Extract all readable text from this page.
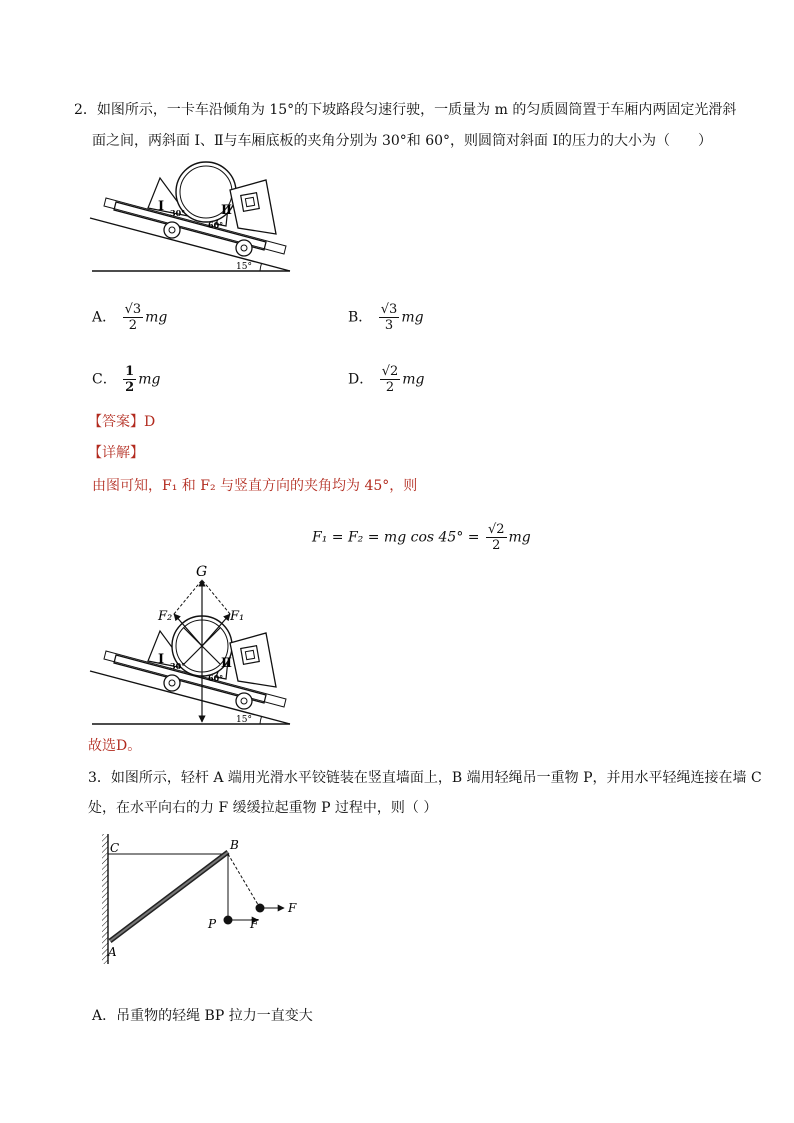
2．如图所示，一卡车沿倾角为 15°的下坡路段匀速行驶，一质量为 m 的匀质圆筒置于车厢内两固定光滑斜
面之间，两斜面 Ⅰ、Ⅱ与车厢底板的夹角分别为 30°和 60°，则圆筒对斜面 Ⅰ的压力的大小为（　　）
15°
Ⅰ 30°	Ⅱ
60°
A． $\frac{√3}{2}$ mg	B． $\frac{√3}{3}$ mg
C． $\frac{1}{2}$ mg	D． $\frac{√2}{2}$ mg
【答案】D
【详解】
由图可知，F₁ 和 F₂ 与竖直方向的夹角均为 45°，则
F₁ = F₂ = mg $\cos 45^\circ = \frac{√2}{2}$ mg
15°
G
F₂	F₁
Ⅰ 30°	Ⅱ
60°
故选D。
3．如图所示，轻杆 A 端用光滑水平铰链装在竖直墙面上，B 端用轻绳吊一重物 P，并用水平轻绳连接在墙 C
处，在水平向右的力 F 缓缓拉起重物 P 过程中，则（ ）
C	B
A
P	F
F
A．吊重物的轻绳 BP 拉力一直变大
